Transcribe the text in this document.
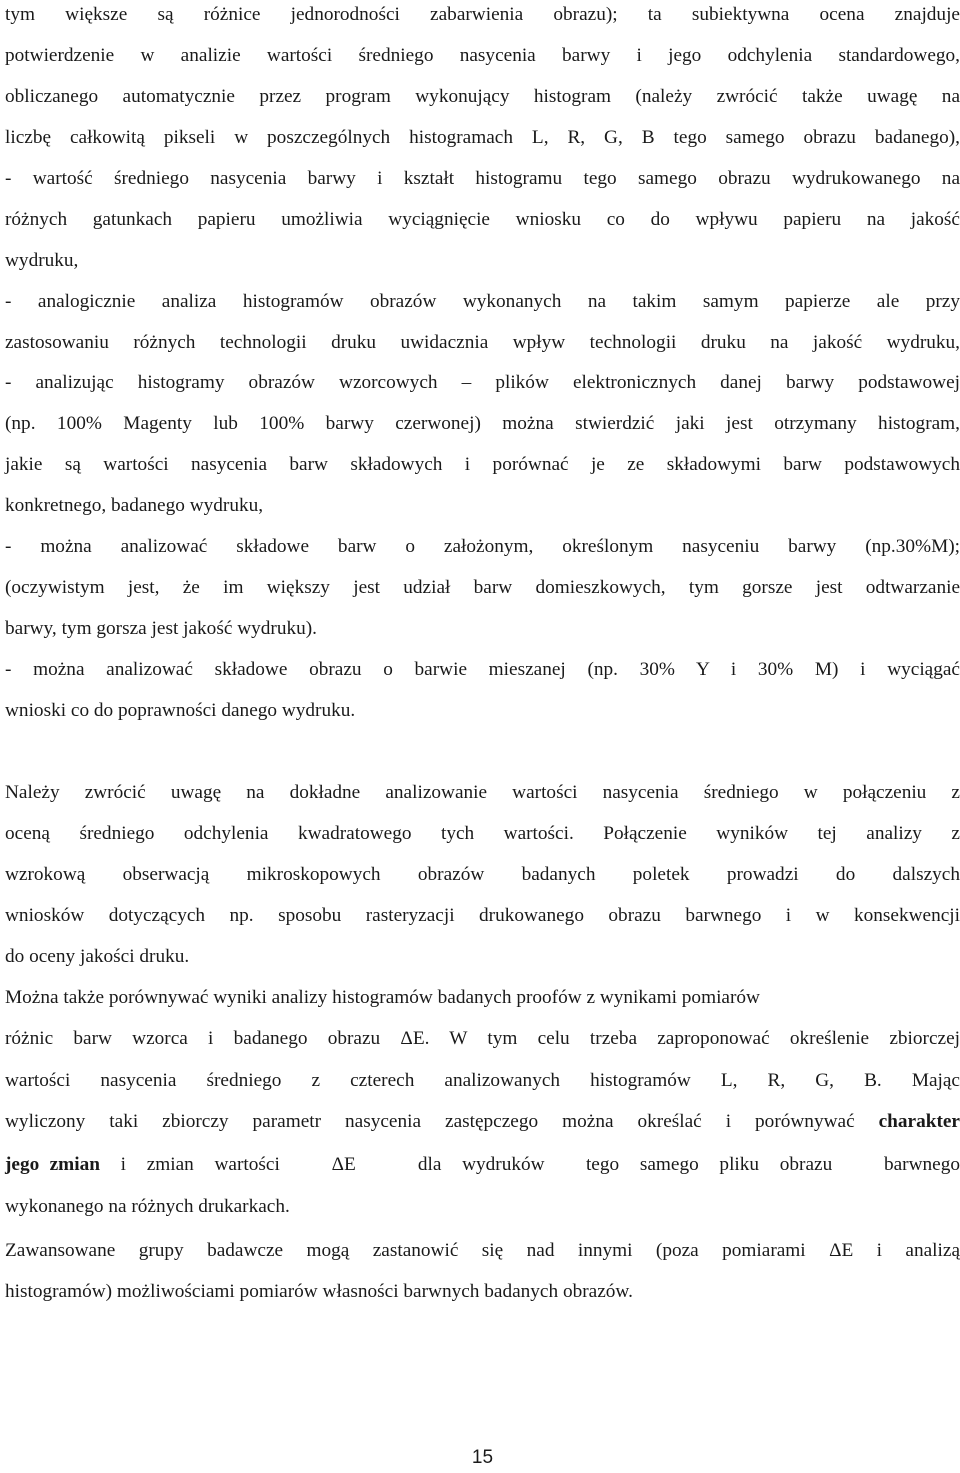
tym większe są różnice jednorodności zabarwienia obrazu); ta subiektywna ocena znajduje
potwierdzenie w analizie wartości średniego nasycenia barwy i jego odchylenia standardowego,
obliczanego automatycznie przez program wykonujący histogram (należy zwrócić także uwagę na
liczbę całkowitą pikseli w poszczególnych histogramach L, R, G, B tego samego obrazu badanego),
- wartość średniego nasycenia barwy i kształt histogramu tego samego obrazu wydrukowanego na
różnych gatunkach papieru umożliwia wyciągnięcie wniosku co do wpływu papieru na jakość
wydruku,
- analogicznie analiza histogramów obrazów wykonanych na takim samym papierze ale przy
zastosowaniu różnych technologii druku uwidacznia wpływ technologii druku na jakość wydruku,
- analizując histogramy obrazów wzorcowych – plików elektronicznych danej barwy podstawowej
(np. 100% Magenty lub 100% barwy czerwonej) można stwierdzić jaki jest otrzymany histogram,
jakie są wartości nasycenia barw składowych i porównać je ze składowymi barw podstawowych
konkretnego, badanego wydruku,
- można analizować składowe barw o założonym, określonym nasyceniu barwy (np.30%M);
(oczywistym jest, że im większy jest udział barw domieszkowych, tym gorsze jest odtwarzanie
barwy, tym gorsza jest jakość wydruku).
- można analizować składowe obrazu o barwie mieszanej (np. 30% Y i 30% M) i wyciągać
wnioski co do poprawności danego wydruku.
Należy zwrócić uwagę na dokładne analizowanie wartości nasycenia średniego w połączeniu z
oceną średniego odchylenia kwadratowego tych wartości. Połączenie wyników tej analizy z
wzrokową obserwacją mikroskopowych obrazów badanych poletek prowadzi do dalszych
wniosków dotyczących np. sposobu rasteryzacji drukowanego obrazu barwnego i w konsekwencji
do oceny jakości druku.
Można także porównywać wyniki analizy histogramów badanych proofów z wynikami pomiarów
różnic barw wzorca i badanego obrazu ΔE. W tym celu trzeba zaproponować określenie zbiorczej
wartości nasycenia średniego z czterech analizowanych histogramów L, R, G, B. Mając
wyliczony taki zbiorczy parametr nasycenia zastępczego można określać i porównywać charakter
jego zmian  i  zmian  wartości     ΔE      dla  wydruków    tego  samego  pliku  obrazu     barwnego
wykonanego na różnych drukarkach.
Zawansowane grupy badawcze mogą zastanowić się nad innymi (poza pomiarami ΔE i analizą
histogramów) możliwościami pomiarów własności barwnych badanych obrazów.
15
